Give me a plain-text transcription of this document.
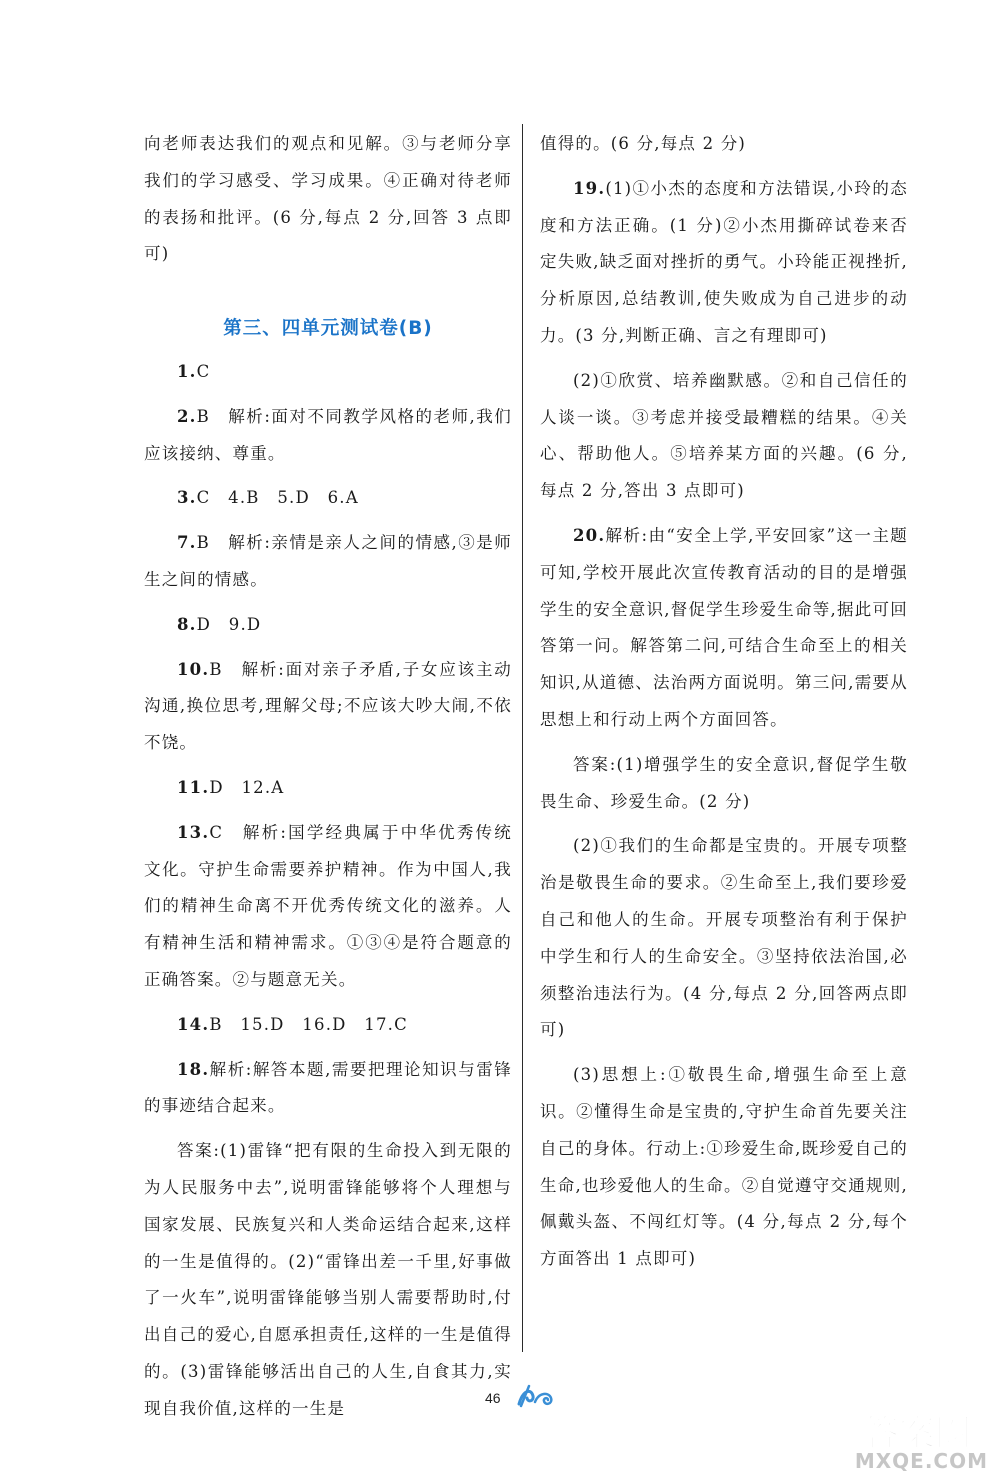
向老师表达我们的观点和见解。③与老师分享我们的学习感受、学习成果。④正确对待老师的表扬和批评。(6 分,每点 2 分,回答 3 点即可)

第三、四单元测试卷(B)

1.C

2.B　解析:面对不同教学风格的老师,我们应该接纳、尊重。

3.C　4.B　5.D　6.A

7.B　解析:亲情是亲人之间的情感,③是师生之间的情感。

8.D　9.D

10.B　解析:面对亲子矛盾,子女应该主动沟通,换位思考,理解父母;不应该大吵大闹,不依不饶。

11.D　12.A

13.C　解析:国学经典属于中华优秀传统文化。守护生命需要养护精神。作为中国人,我们的精神生命离不开优秀传统文化的滋养。人有精神生活和精神需求。①③④是符合题意的正确答案。②与题意无关。

14.B　15.D　16.D　17.C

18.解析:解答本题,需要把理论知识与雷锋的事迹结合起来。

答案:(1)雷锋“把有限的生命投入到无限的为人民服务中去”,说明雷锋能够将个人理想与国家发展、民族复兴和人类命运结合起来,这样的一生是值得的。(2)“雷锋出差一千里,好事做了一火车”,说明雷锋能够当别人需要帮助时,付出自己的爱心,自愿承担责任,这样的一生是值得的。(3)雷锋能够活出自己的人生,自食其力,实现自我价值,这样的一生是

值得的。(6 分,每点 2 分)

19.(1)①小杰的态度和方法错误,小玲的态度和方法正确。(1 分)②小杰用撕碎试卷来否定失败,缺乏面对挫折的勇气。小玲能正视挫折,分析原因,总结教训,使失败成为自己进步的动力。(3 分,判断正确、言之有理即可)

(2)①欣赏、培养幽默感。②和自己信任的人谈一谈。③考虑并接受最糟糕的结果。④关心、帮助他人。⑤培养某方面的兴趣。(6 分,每点 2 分,答出 3 点即可)

20.解析:由“安全上学,平安回家”这一主题可知,学校开展此次宣传教育活动的目的是增强学生的安全意识,督促学生珍爱生命等,据此可回答第一问。解答第二问,可结合生命至上的相关知识,从道德、法治两方面说明。第三问,需要从思想上和行动上两个方面回答。

答案:(1)增强学生的安全意识,督促学生敬畏生命、珍爱生命。(2 分)

(2)①我们的生命都是宝贵的。开展专项整治是敬畏生命的要求。②生命至上,我们要珍爱自己和他人的生命。开展专项整治有利于保护中学生和行人的生命安全。③坚持依法治国,必须整治违法行为。(4 分,每点 2 分,回答两点即可)

(3)思想上:①敬畏生命,增强生命至上意识。②懂得生命是宝贵的,守护生命首先要关注自己的身体。行动上:①珍爱生命,既珍爱自己的生命,也珍爱他人的生命。②自觉遵守交通规则,佩戴头盔、不闯红灯等。(4 分,每点 2 分,每个方面答出 1 点即可)

46
答案圈
MXQE.COM
